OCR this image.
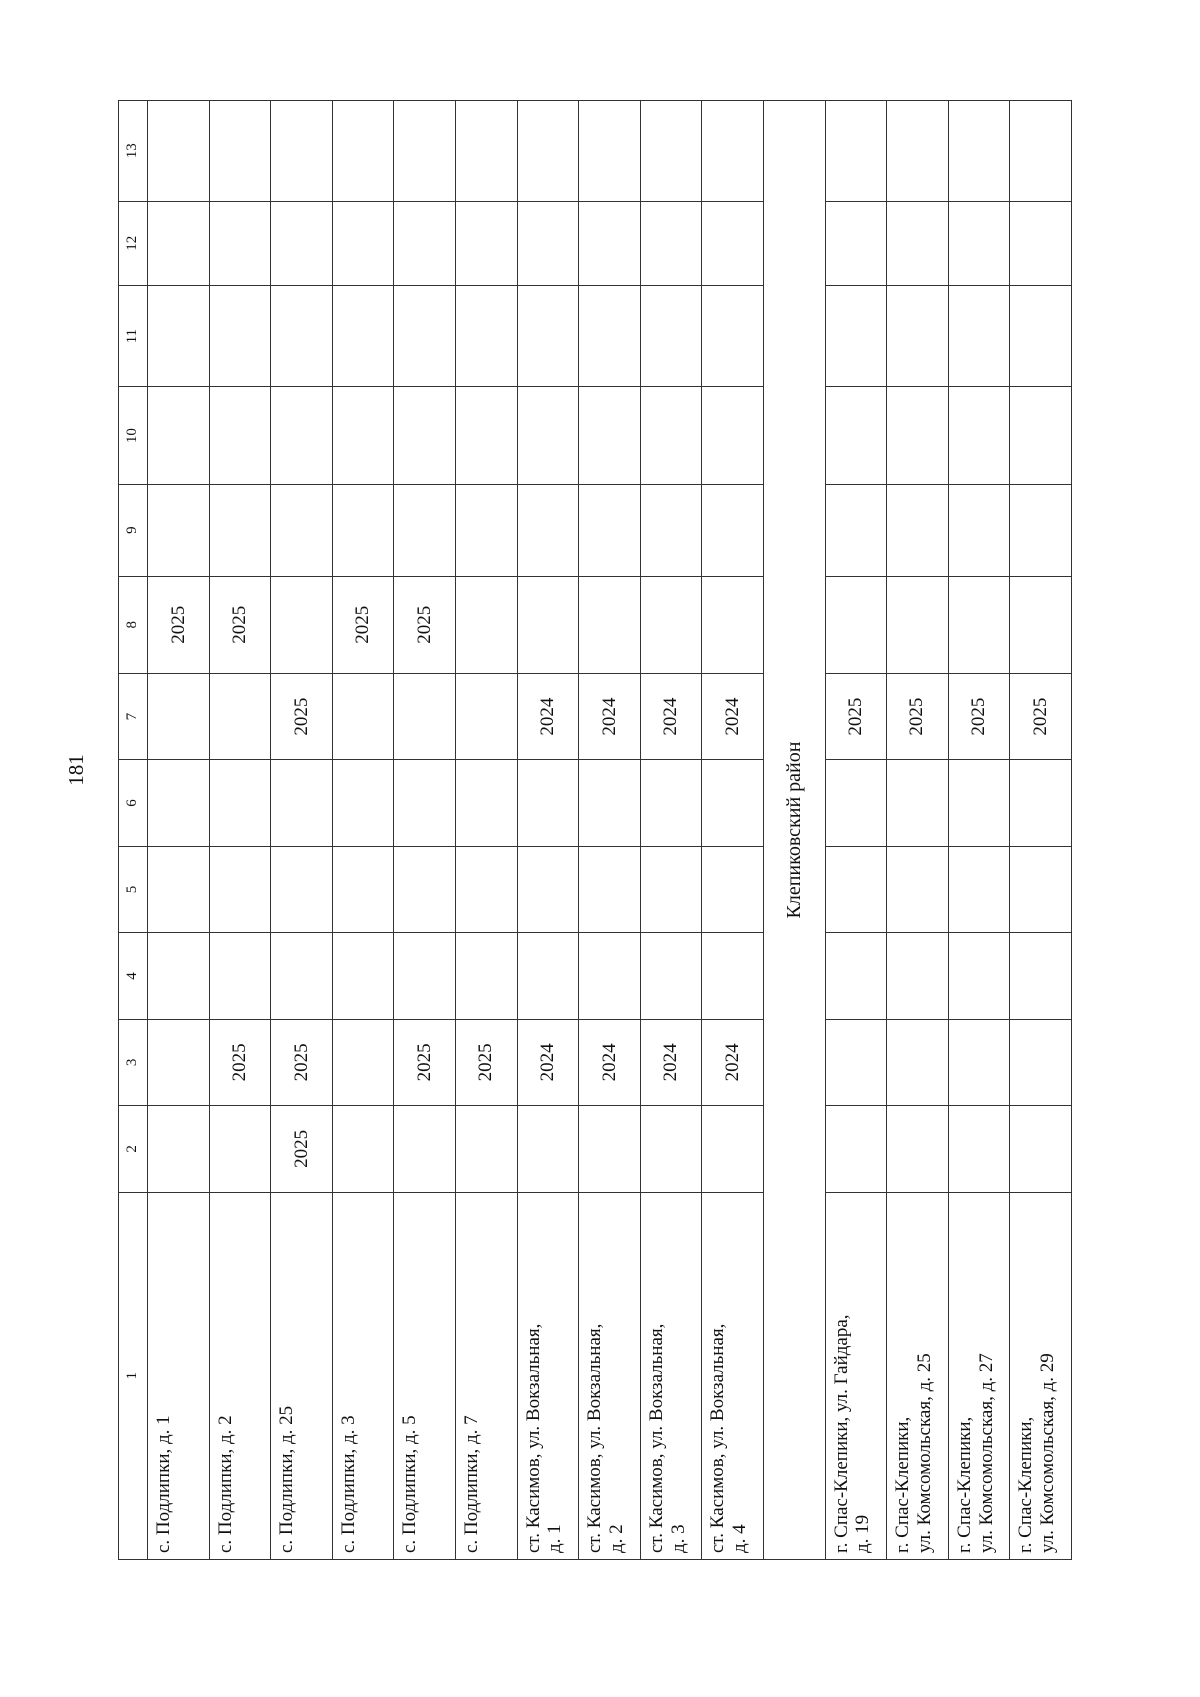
181
1	2	3	4	5	6	7	8	9	10	11	12	13
с. Подлипки, д. 1							2025					
с. Подлипки, д. 2		2025					2025					
с. Подлипки, д. 25	2025	2025				2025						
с. Подлипки, д. 3							2025					
с. Подлипки, д. 5		2025					2025					
с. Подлипки, д. 7		2025										
ст. Касимов, ул. Вокзальная,
д. 1		2024				2024						
ст. Касимов, ул. Вокзальная,
д. 2		2024				2024						
ст. Касимов, ул. Вокзальная,
д. 3		2024				2024						
ст. Касимов, ул. Вокзальная,
д. 4		2024				2024						
Клепиковский район												
г. Спас-Клепики, ул. Гайдара,
д. 19						2025						
г. Спас-Клепики,
ул. Комсомольская, д. 25						2025						
г. Спас-Клепики,
ул. Комсомольская, д. 27						2025						
г. Спас-Клепики,
ул. Комсомольская, д. 29						2025						
